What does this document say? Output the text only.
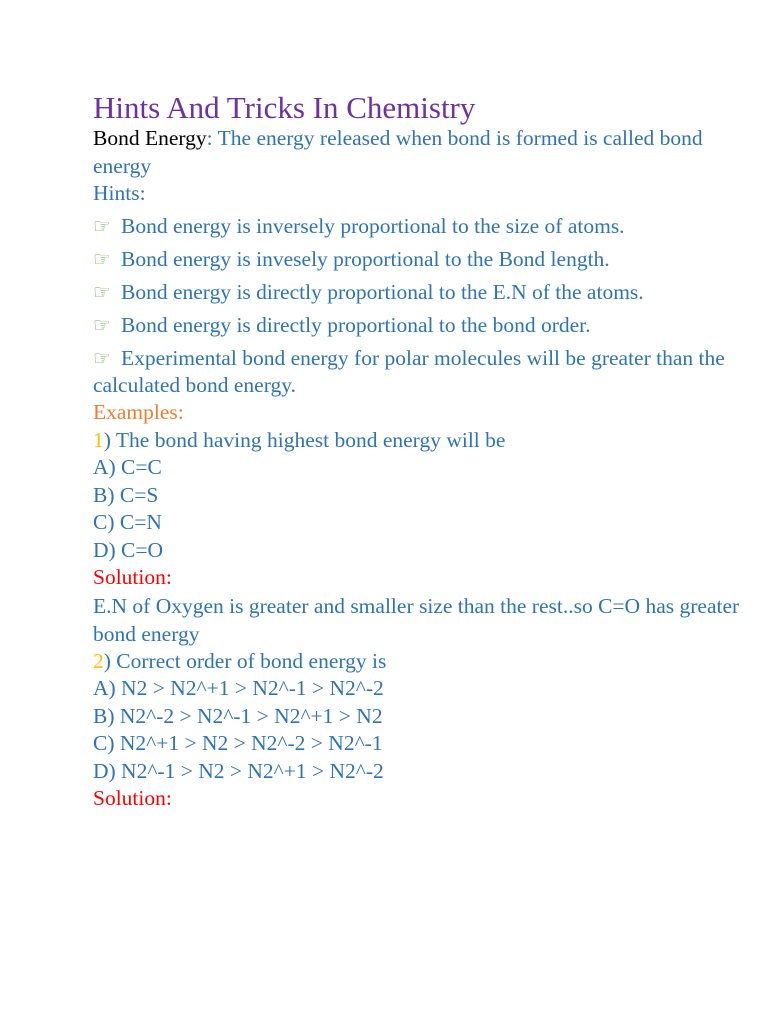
Hints And Tricks In Chemistry

Bond Energy: The energy released when bond is formed is called bond energy

Hints:

☞ Bond energy is inversely proportional to the size of atoms.

☞ Bond energy is invesely proportional to the Bond length.

☞ Bond energy is directly proportional to the E.N of the atoms.

☞ Bond energy is directly proportional to the bond order.

☞ Experimental bond energy for polar molecules will be greater than the calculated bond energy.

Examples:

1) The bond having highest bond energy will be

A) C=C

B) C=S

C) C=N

D) C=O

Solution:

E.N of Oxygen is greater and smaller size than the rest..so C=O has greater bond energy

2) Correct order of bond energy is

A) N2 > N2^+1 > N2^-1 > N2^-2

B) N2^-2 > N2^-1 > N2^+1 > N2

C) N2^+1 > N2 > N2^-2 > N2^-1

D) N2^-1 > N2 > N2^+1 > N2^-2

Solution:
